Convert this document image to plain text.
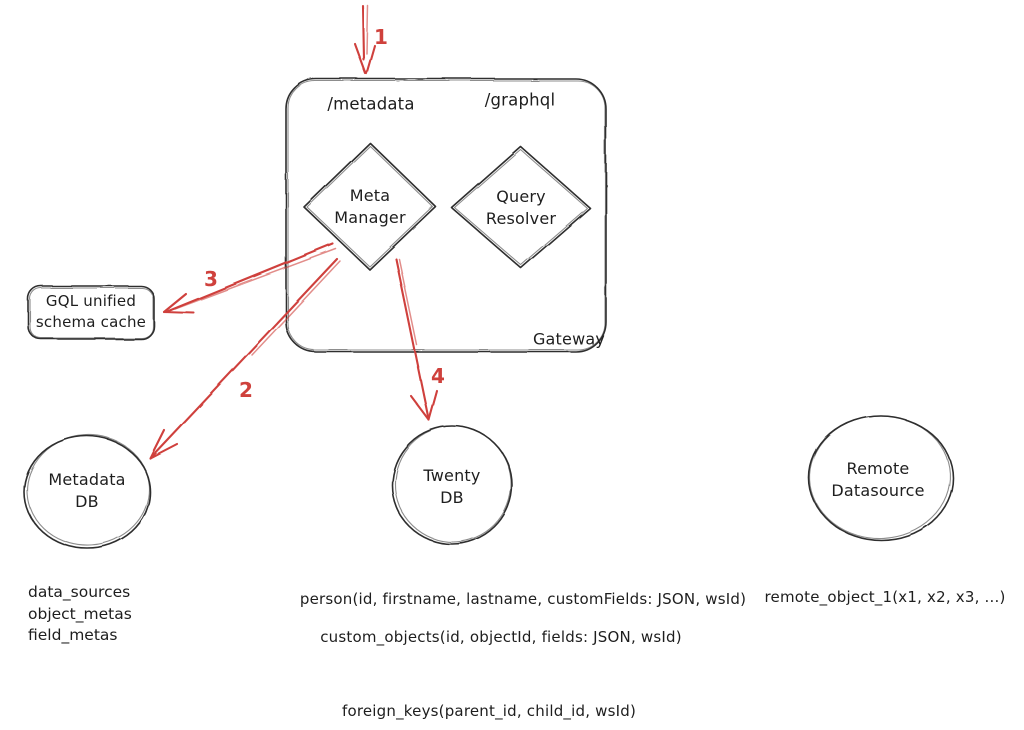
/metadata	/graphql
Meta
Manager
Query
Resolver
Gateway
GQL unified
schema cache
Metadata
DB
Twenty
DB
Remote
Datasource
1
3
2
4
data_sources
object_metas
field_metas
person(id, firstname, lastname, customFields: JSON, wsId)
custom_objects(id, objectId, fields: JSON, wsId)
remote_object_1(x1, x2, x3, ...)
foreign_keys(parent_id, child_id, wsId)
